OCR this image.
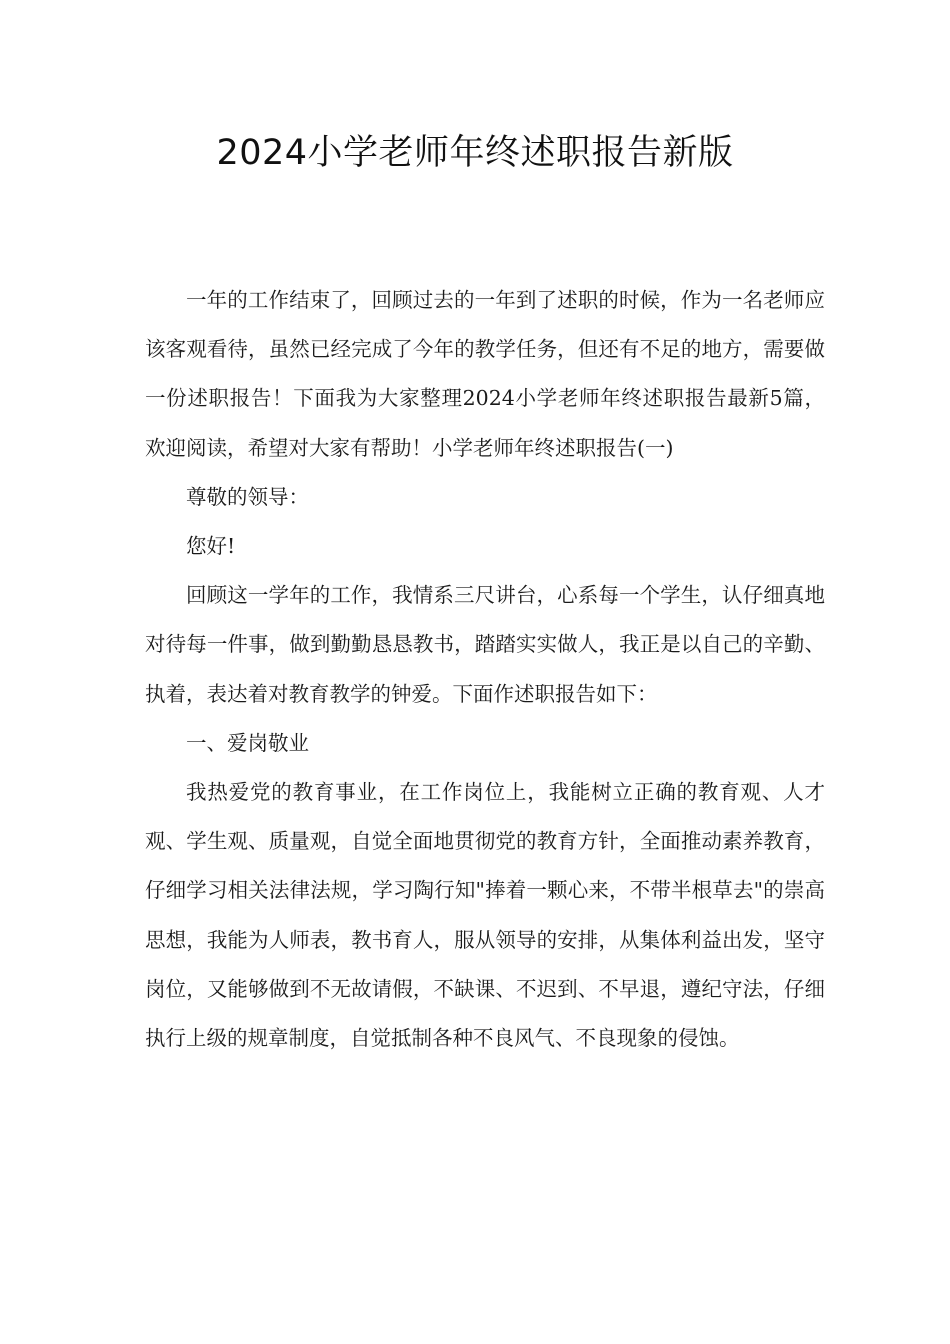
2024小学老师年终述职报告新版

一年的工作结束了，回顾过去的一年到了述职的时候，作为一名老师应该客观看待，虽然已经完成了今年的教学任务，但还有不足的地方，需要做一份述职报告！下面我为大家整理2024小学老师年终述职报告最新5篇，欢迎阅读，希望对大家有帮助！小学老师年终述职报告(一)

尊敬的领导：

您好!

回顾这一学年的工作，我情系三尺讲台，心系每一个学生，认仔细真地对待每一件事，做到勤勤恳恳教书，踏踏实实做人，我正是以自己的辛勤、执着，表达着对教育教学的钟爱。下面作述职报告如下：

一、爱岗敬业

我热爱党的教育事业，在工作岗位上，我能树立正确的教育观、人才观、学生观、质量观，自觉全面地贯彻党的教育方针，全面推动素养教育，仔细学习相关法律法规，学习陶行知"捧着一颗心来，不带半根草去"的崇高思想，我能为人师表，教书育人，服从领导的安排，从集体利益出发，坚守岗位，又能够做到不无故请假，不缺课、不迟到、不早退，遵纪守法，仔细执行上级的规章制度，自觉抵制各种不良风气、不良现象的侵蚀。
